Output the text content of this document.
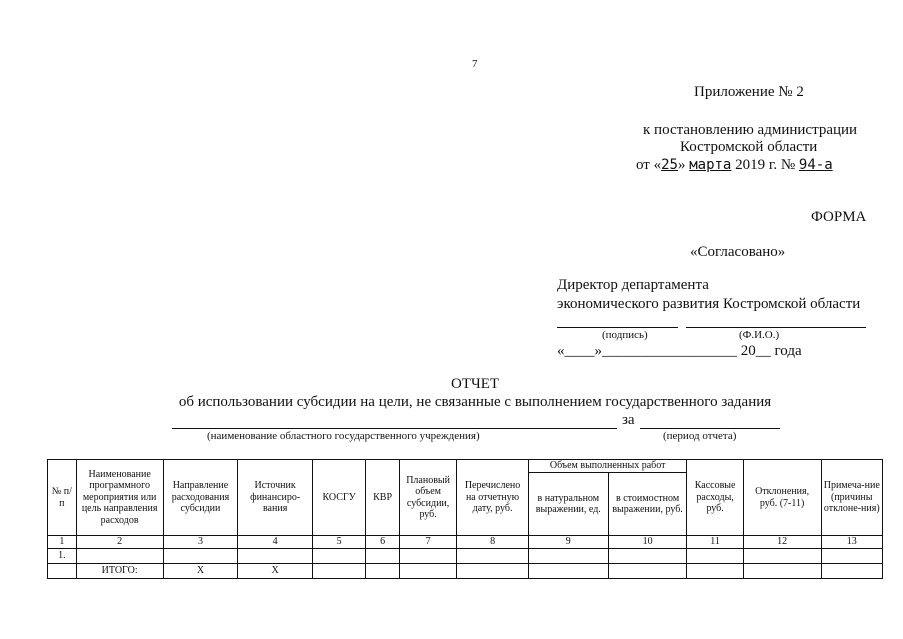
7
Приложение № 2
к постановлению администрации
Костромской области
от «25» марта 2019 г. № 94-а
ФОРМА
«Согласовано»
Директор департамента
экономического развития Костромской области
(подпись)	(Ф.И.О.)
«____»__________________ 20__ года
ОТЧЕТ
об использовании субсидии на цели, не связанные с выполнением государственного задания
за
(наименование областного государственного учреждения)	(период отчета)
№ п/п	Наименование программного мероприятия или цель направления расходов	Направление расходования субсидии	Источник финансиро-вания	КОСГУ	КВР	Плановый объем субсидии, руб.	Перечислено на отчетную дату, руб.	Объем выполненных работ		Кассовые расходы, руб.	Отклонения, руб. (7-11)	Примеча-ние (причины отклоне-ния)
								в натуральном выражении, ед.	в стоимостном выражении, руб.			
1	2	3	4	5	6	7	8	9	10	11	12	13
1.												
	ИТОГО:	Х	Х									
